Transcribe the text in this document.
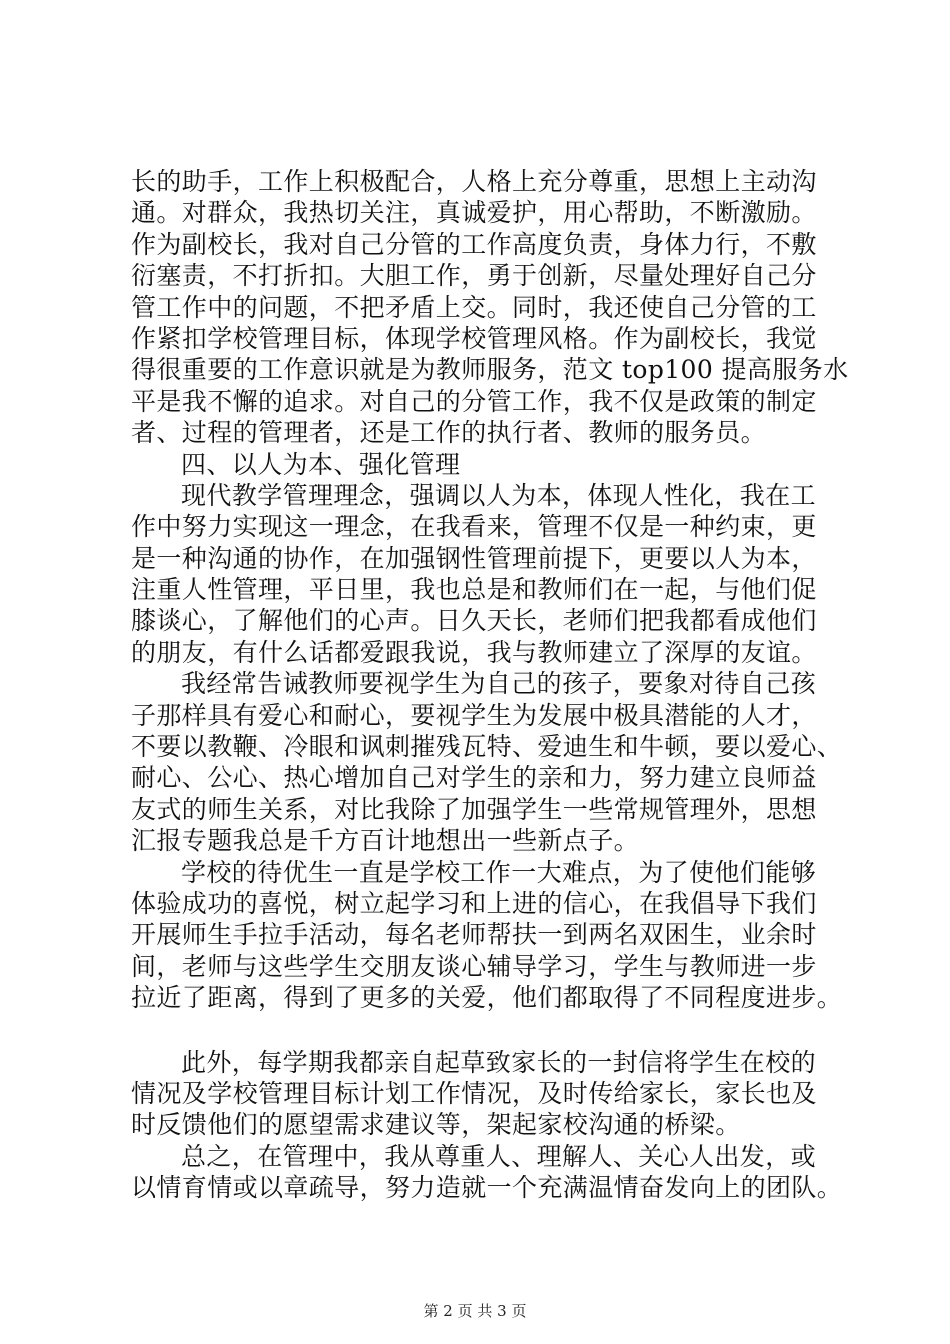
长的助手，工作上积极配合，人格上充分尊重，思想上主动沟
通。对群众，我热切关注，真诚爱护，用心帮助，不断激励。
作为副校长，我对自己分管的工作高度负责，身体力行，不敷
衍塞责，不打折扣。大胆工作，勇于创新，尽量处理好自己分
管工作中的问题，不把矛盾上交。同时，我还使自己分管的工
作紧扣学校管理目标，体现学校管理风格。作为副校长，我觉
得很重要的工作意识就是为教师服务，范文 top100 提高服务水
平是我不懈的追求。对自己的分管工作，我不仅是政策的制定
者、过程的管理者，还是工作的执行者、教师的服务员。
四、以人为本、强化管理
现代教学管理理念，强调以人为本，体现人性化，我在工
作中努力实现这一理念，在我看来，管理不仅是一种约束，更
是一种沟通的协作，在加强钢性管理前提下，更要以人为本，
注重人性管理，平日里，我也总是和教师们在一起，与他们促
膝谈心，了解他们的心声。日久天长，老师们把我都看成他们
的朋友，有什么话都爱跟我说，我与教师建立了深厚的友谊。
我经常告诫教师要视学生为自己的孩子，要象对待自己孩
子那样具有爱心和耐心，要视学生为发展中极具潜能的人才，
不要以教鞭、冷眼和讽刺摧残瓦特、爱迪生和牛顿，要以爱心、
耐心、公心、热心增加自己对学生的亲和力，努力建立良师益
友式的师生关系，对比我除了加强学生一些常规管理外，思想
汇报专题我总是千方百计地想出一些新点子。
学校的待优生一直是学校工作一大难点，为了使他们能够
体验成功的喜悦，树立起学习和上进的信心，在我倡导下我们
开展师生手拉手活动，每名老师帮扶一到两名双困生，业余时
间，老师与这些学生交朋友谈心辅导学习，学生与教师进一步
拉近了距离，得到了更多的关爱，他们都取得了不同程度进步。
此外，每学期我都亲自起草致家长的一封信将学生在校的
情况及学校管理目标计划工作情况，及时传给家长，家长也及
时反馈他们的愿望需求建议等，架起家校沟通的桥梁。
总之，在管理中，我从尊重人、理解人、关心人出发，或
以情育情或以章疏导，努力造就一个充满温情奋发向上的团队。
第 2 页 共 3 页
